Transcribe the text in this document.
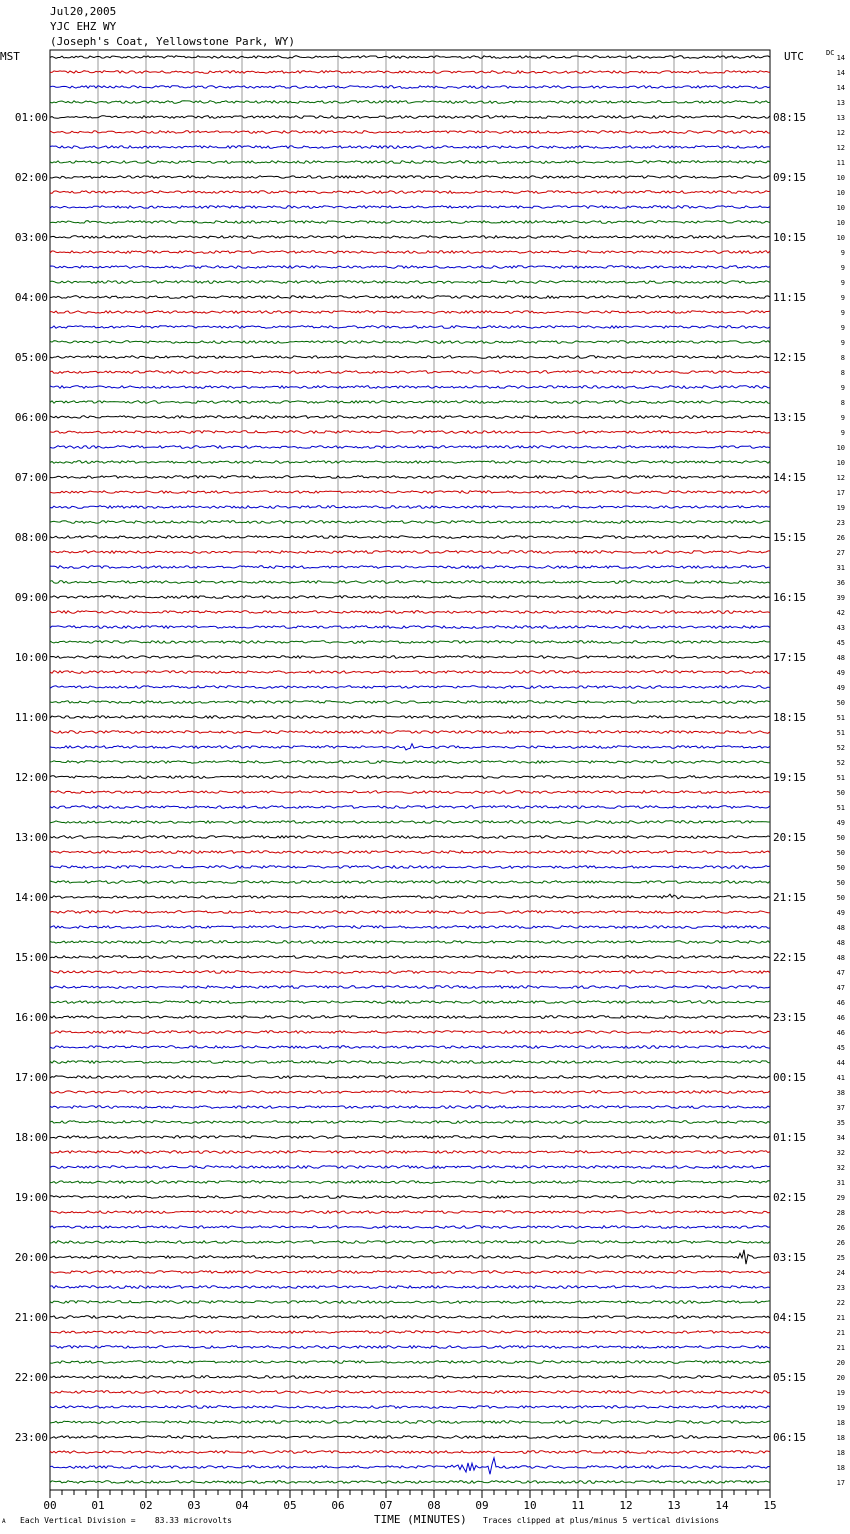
Jul20,2005
YJC EHZ WY
(Joseph's Coat, Yellowstone Park, WY)
MST	UTC	DC
14
14
14
13
13
12
12
11
10
10
10
10
10
9
9
9
9
9
9
9
8
8
9
8
9
9
10
10
12
17
19
23
26
27
31
36
39
42
43
45
48
49
49
50
51
51
52
52
51
50
51
49
50
50
50
50
50
49
48
48
48
47
47
46
46
46
45
44
41
38
37
35
34
32
32
31
29
28
26
26
25
24
23
22
21
21
21
20
20
19
19
18
18
18
18
17
01:00
02:00
03:00
04:00
05:00
06:00
07:00
08:00
09:00
10:00
11:00
12:00
13:00
14:00
15:00
16:00
17:00
18:00
19:00
20:00
21:00
22:00
23:00
08:15
09:15
10:15
11:15
12:15
13:15
14:15
15:15
16:15
17:15
18:15
19:15
20:15
21:15
22:15
23:15
00:15
01:15
02:15
03:15
04:15
05:15
06:15
00	01	02	03	04	05	06	07	08	09	10	11	12	13	14	15
A Each Vertical Division =    83.33 microvolts	TIME (MINUTES) Traces clipped at plus/minus 5 vertical divisions
